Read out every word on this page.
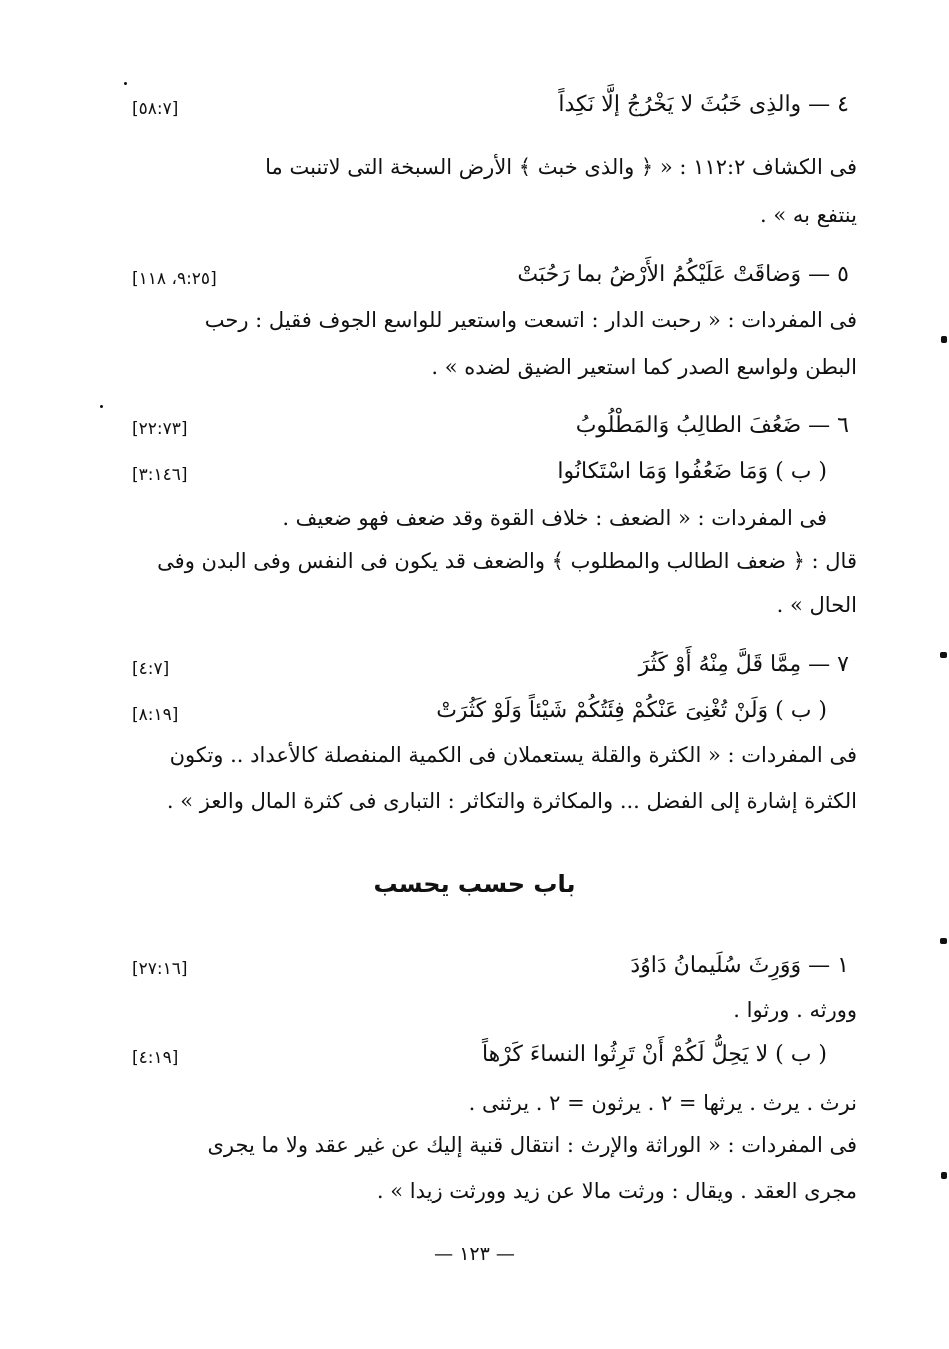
٤ — والذِى خَبُثَ لا يَخْرُجُ إلَّا نَكِداً
[٥٨:٧]
فى الكشاف ١١٢:٢ : « ﴿ والذى خبث ﴾ الأرض السبخة التى لاتنبت ما
ينتفع به » .
٥ — وَضاقَتْ عَلَيْكُمُ الأَرْضُ بما رَحُبَتْ
[٩:٢٥، ١١٨]
فى المفردات : « رحبت الدار : اتسعت واستعير للواسع الجوف فقيل : رحب
البطن ولواسع الصدر كما استعير الضيق لضده » .
٦ — ضَعُفَ الطالِبُ وَالمَطْلُوبُ
[٢٢:٧٣]
( ب ) وَمَا ضَعُفُوا وَمَا اسْتَكانُوا
[٣:١٤٦]
فى المفردات : « الضعف : خلاف القوة وقد ضعف فهو ضعيف .
قال : ﴿ ضعف الطالب والمطلوب ﴾ والضعف قد يكون فى النفس وفى البدن وفى
الحال » .
٧ — مِمَّا قَلَّ مِنْهُ أَوْ كَثُرَ
[٤:٧]
( ب ) وَلَنْ تُغْنِىَ عَنْكُمْ فِئَتُكُمْ شَيْئاً وَلَوْ كَثُرَتْ
[٨:١٩]
فى المفردات : « الكثرة والقلة يستعملان فى الكمية المنفصلة كالأعداد .. وتكون
الكثرة إشارة إلى الفضل ... والمكاثرة والتكاثر : التبارى فى كثرة المال والعز » .
باب حسب يحسب
١ — وَوَرِثَ سُلَيمانُ دَاوُدَ
[٢٧:١٦]
وورثه . ورثوا .
( ب ) لا يَحِلُّ لَكُمْ أَنْ تَرِثُوا النساءَ كَرْهاً
[٤:١٩]
نرث . يرث . يرثها = ٢ . يرثون = ٢ . يرثنى .
فى المفردات : « الوراثة والإرث : انتقال قنية إليك عن غير عقد ولا ما يجرى
مجرى العقد . ويقال : ورثت مالا عن زيد وورثت زيدا » .
— ١٢٣ —
